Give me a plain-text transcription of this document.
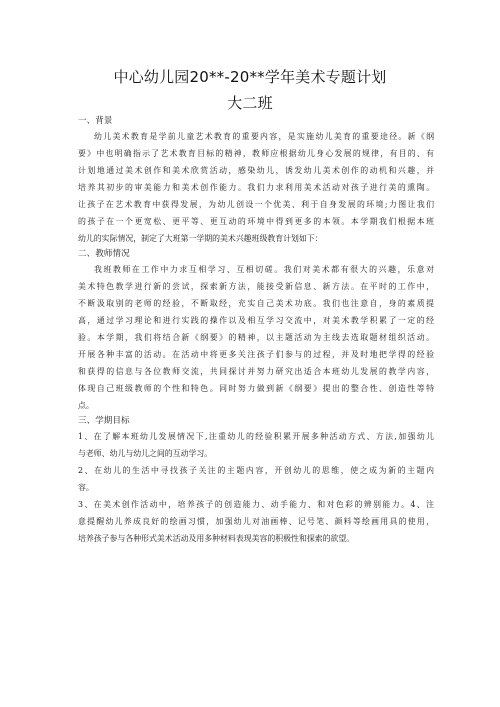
中心幼儿园20**-20**学年美术专题计划
大二班

一、背景

幼儿美术教育是学前儿童艺术教育的重要内容，是实施幼儿美育的重要途径。新《纲
要》中也明确指示了艺术教育目标的精神，教师应根据幼儿身心发展的规律，有目的、有
计划地通过美术创作和美术欣赏活动，感染幼儿，诱发幼儿美术创作的动机和兴趣，并
培养其初步的审美能力和美术创作能力。我们力求利用美术活动对孩子进行美的熏陶。
让孩子在艺术教育中获得发展，为幼儿创设一个优美、利于自身发展的环境;力图让我们
的孩子在一个更宽松、更平等、更互动的环境中得到更多的本领。本学期我们根据本班
幼儿的实际情况，制定了大班第一学期的美术兴趣班级教育计划如下：

二、教师情况

我班教师在工作中力求互相学习、互相切磋。我们对美术都有很大的兴趣，乐意对
美术特色教学进行新的尝试，探索新方法，能接受新信息、新方法。在平时的工作中，
不断汲取别的老师的经验，不断取经，充实自己美术功底。我们也注意自，身的素质提
高，通过学习理论和进行实践的操作以及相互学习交流中，对美术教学积累了一定的经
验。本学期，我们将结合新《纲要》的精神，以主题活动为主线去选取题材组织活动。
开展各种丰富的活动。在活动中将更多关注孩子们参与的过程，并及时地把学得的经验
和获得的信息与各位教师交流，共同探讨并努力研究出适合本班幼儿发展的教学内容，
体现自己班级教师的个性和特色。同时努力做到新《纲要》提出的整合性、创造性等特
点。

三、学期目标

1、在了解本班幼儿发展情况下,注重幼儿的经验积累开展多种活动方式、方法,加强幼儿
与老师、幼儿与幼儿之间的互动学习。
2、在幼儿的生活中寻找孩子关注的主题内容，开创幼儿的思维，使之成为新的主题内
容。
3、在美术创作活动中，培养孩子的创造能力、动手能力、和对色彩的辨别能力。4、注
意提醒幼儿养成良好的绘画习惯，加强幼儿对油画棒、记号笔、颜料等绘画用具的使用，
培养孩子参与各种形式美术活动及用多种材料表现美容的积极性和探索的欲望。
